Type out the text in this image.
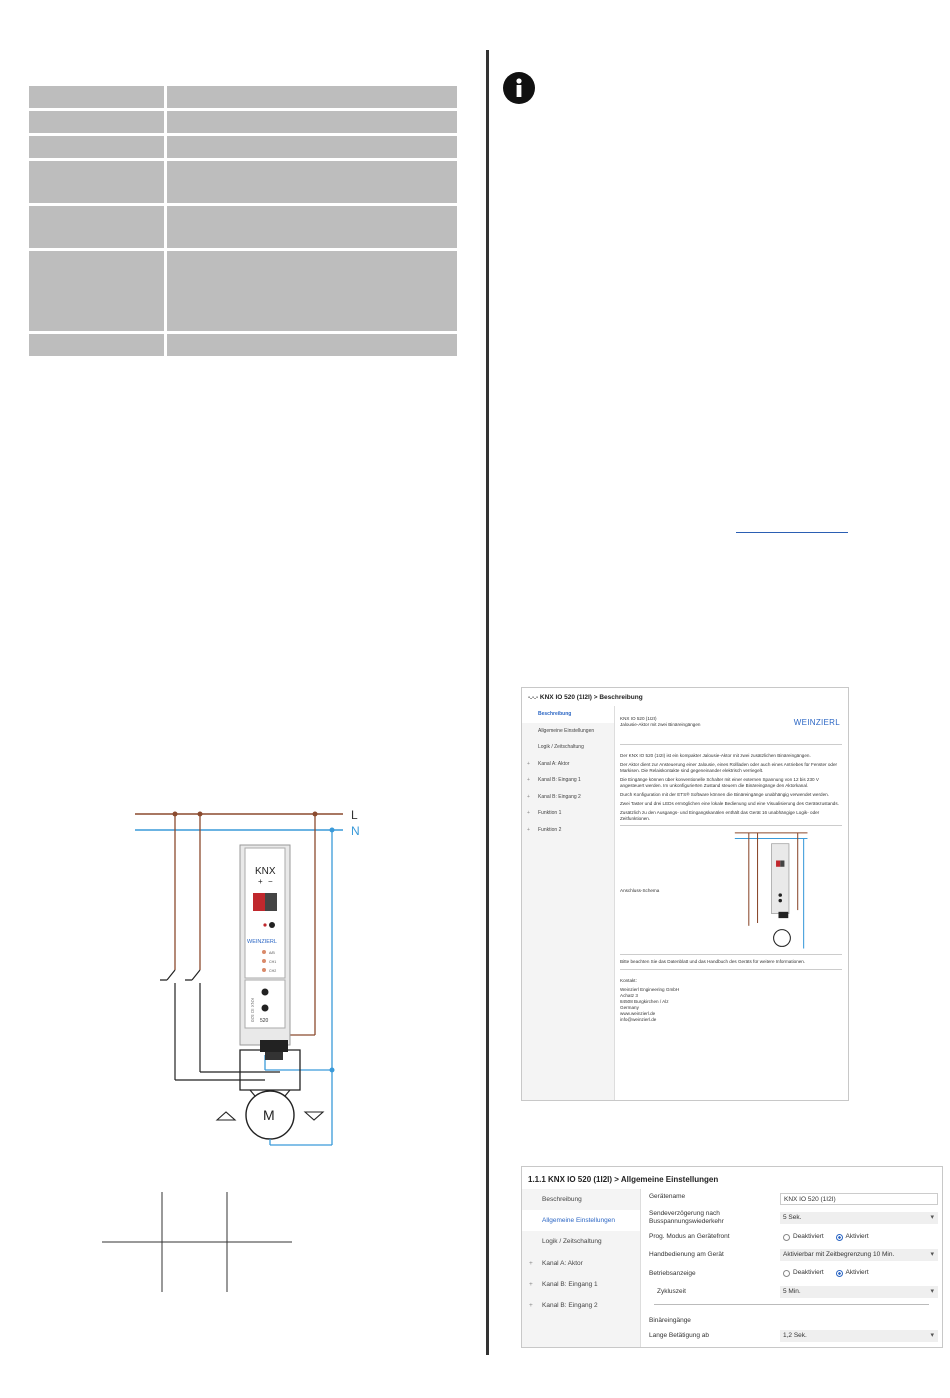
L
N
KNX
+ −
WEINZIERL
A/B
CH1
CH2
KNX IO 520 520
M
-.-.- KNX IO 520 (1I2I) > Beschreibung
Beschreibung
Allgemeine Einstellungen
Logik / Zeitschaltung
+ Kanal A: Aktor
+ Kanal B: Eingang 1
+ Kanal B: Eingang 2
+ Funktion 1
+ Funktion 2
WEINZIERL
KNX IO 520 (1I2I)
Jalousie-Aktor mit zwei Binäreingängen

Der KNX IO 520 (1I2I) ist ein kompakter Jalousie-Aktor mit zwei zusätzlichen Binäreingängen.

Der Aktor dient zur Ansteuerung einer Jalousie, eines Rollladen oder auch eines Antriebes für Fenster oder Markisen. Die Relaiskontakte sind gegeneinander elektrisch verriegelt.

Die Eingänge können über konventionelle Schalter mit einer externen Spannung von 12 bis 230 V angesteuert werden. Im unkonfigurierten Zustand steuern die Binäreingänge den Aktorkanal.

Durch Konfiguration mit der ETS® Software können die Binäreingänge unabhängig verwendet werden.

Zwei Taster und drei LEDs ermöglichen eine lokale Bedienung und eine Visualisierung des Gerätezustands.

Zusätzlich zu den Ausgangs- und Eingangskanälen enthält das Gerät 16 unabhängige Logik- oder Zeitfunktionen.

Anschluss-Schema

Bitte beachten Sie das Datenblatt und das Handbuch des Geräts für weitere Informationen.

Kontakt:

Weinzierl Engineering GmbH
Achatz 3
84508 Burgkirchen / Alz
Germany
www.weinzierl.de
info@weinzierl.de
1.1.1 KNX IO 520 (1I2I) > Allgemeine Einstellungen
Beschreibung
Allgemeine Einstellungen
Logik / Zeitschaltung
+ Kanal A: Aktor
+ Kanal B: Eingang 1
+ Kanal B: Eingang 2
Gerätename	KNX IO 520 (1I2I)
Sendeverzögerung nach Busspannungswiederkehr
5 Sek. ▾
Prog. Modus an Gerätefront	Deaktiviert	Aktiviert
Handbedienung am Gerät	Aktivierbar mit Zeitbegrenzung 10 Min. ▾
Betriebsanzeige	Deaktiviert	Aktiviert
Zykluszeit	5 Min. ▾
Binäreingänge
Lange Betätigung ab	1,2 Sek. ▾
